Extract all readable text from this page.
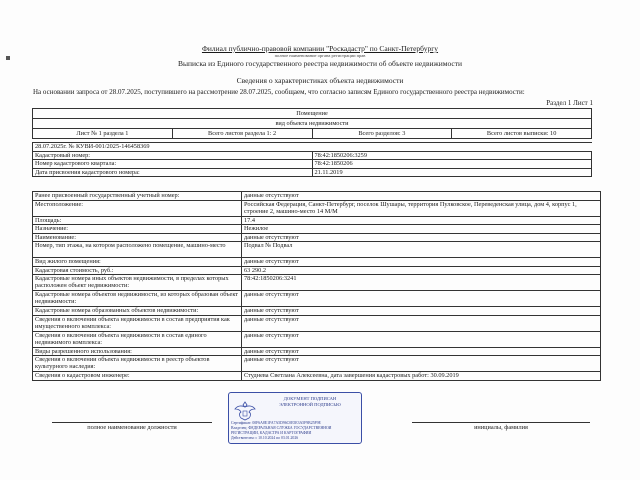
Филиал публично-правовой компании "Роскадастр" по Санкт-Петербургу
полное наименование органа регистрации прав
Выписка из Единого государственного реестра недвижимости об объекте недвижимости
Сведения о характеристиках объекта недвижимости
На основании запроса от 28.07.2025, поступившего на рассмотрение 28.07.2025, сообщаем, что согласно записям Единого государственного реестра недвижимости:
Раздел 1 Лист 1
Помещение
вид объекта недвижимости
Лист № 1 раздела 1	Всего листов раздела 1: 2	Всего разделов: 3	Всего листов выписки: 10
28.07.2025г. № КУВИ-001/2025-146458369	
Кадастровый номер:	78:42:1850206:3259
Номер кадастрового квартала:	78:42:1850206
Дата присвоения кадастрового номера:	21.11.2019
Ранее присвоенный государственный учетный номер:	данные отсутствуют
Местоположение:	Российская Федерация, Санкт-Петербург, поселок Шушары, территория Пулковское, Переведенская улица, дом 4, корпус 1, строение 2, машино-место 14 М/М
Площадь:	17.4
Назначение:	Нежилое
Наименование:	данные отсутствуют
Номер, тип этажа, на котором расположено помещение, машино-место	Подвал № Подвал
Вид жилого помещения:	данные отсутствуют
Кадастровая стоимость, руб.:	63 290.2
Кадастровые номера иных объектов недвижимости, в пределах которых расположен объект недвижимости:	78:42:1850206:3241
Кадастровые номера объектов недвижимости, из которых образован объект недвижимости:	данные отсутствуют
Кадастровые номера образованных объектов недвижимости:	данные отсутствуют
Сведения о включении объекта недвижимости в состав предприятия как имущественного комплекса:	данные отсутствуют
Сведения о включении объекта недвижимости в состав единого недвижимого комплекса:	данные отсутствуют
Виды разрешенного использования:	данные отсутствуют
Сведения о включении объекта недвижимости в реестр объектов культурного наследия:	данные отсутствуют
Сведения о кадастровом инженере:	Студнева Светлана Алексеевна, дата завершения кадастровых работ: 30.09.2019
полное наименование должности	инициалы, фамилия
ДОКУМЕНТ ПОДПИСАН
ЭЛЕКТРОННОЙ ПОДПИСЬЮ
Сертификат: 00F6A8E1FA7A5D96C0E5E3A5F9B25F9E
Владелец: ФЕДЕРАЛЬНАЯ СЛУЖБА ГОСУДАРСТВЕННОЙ
РЕГИСТРАЦИИ, КАДАСТРА И КАРТОГРАФИИ
Действителен: с 10.10.2024 по 03.01.2026
